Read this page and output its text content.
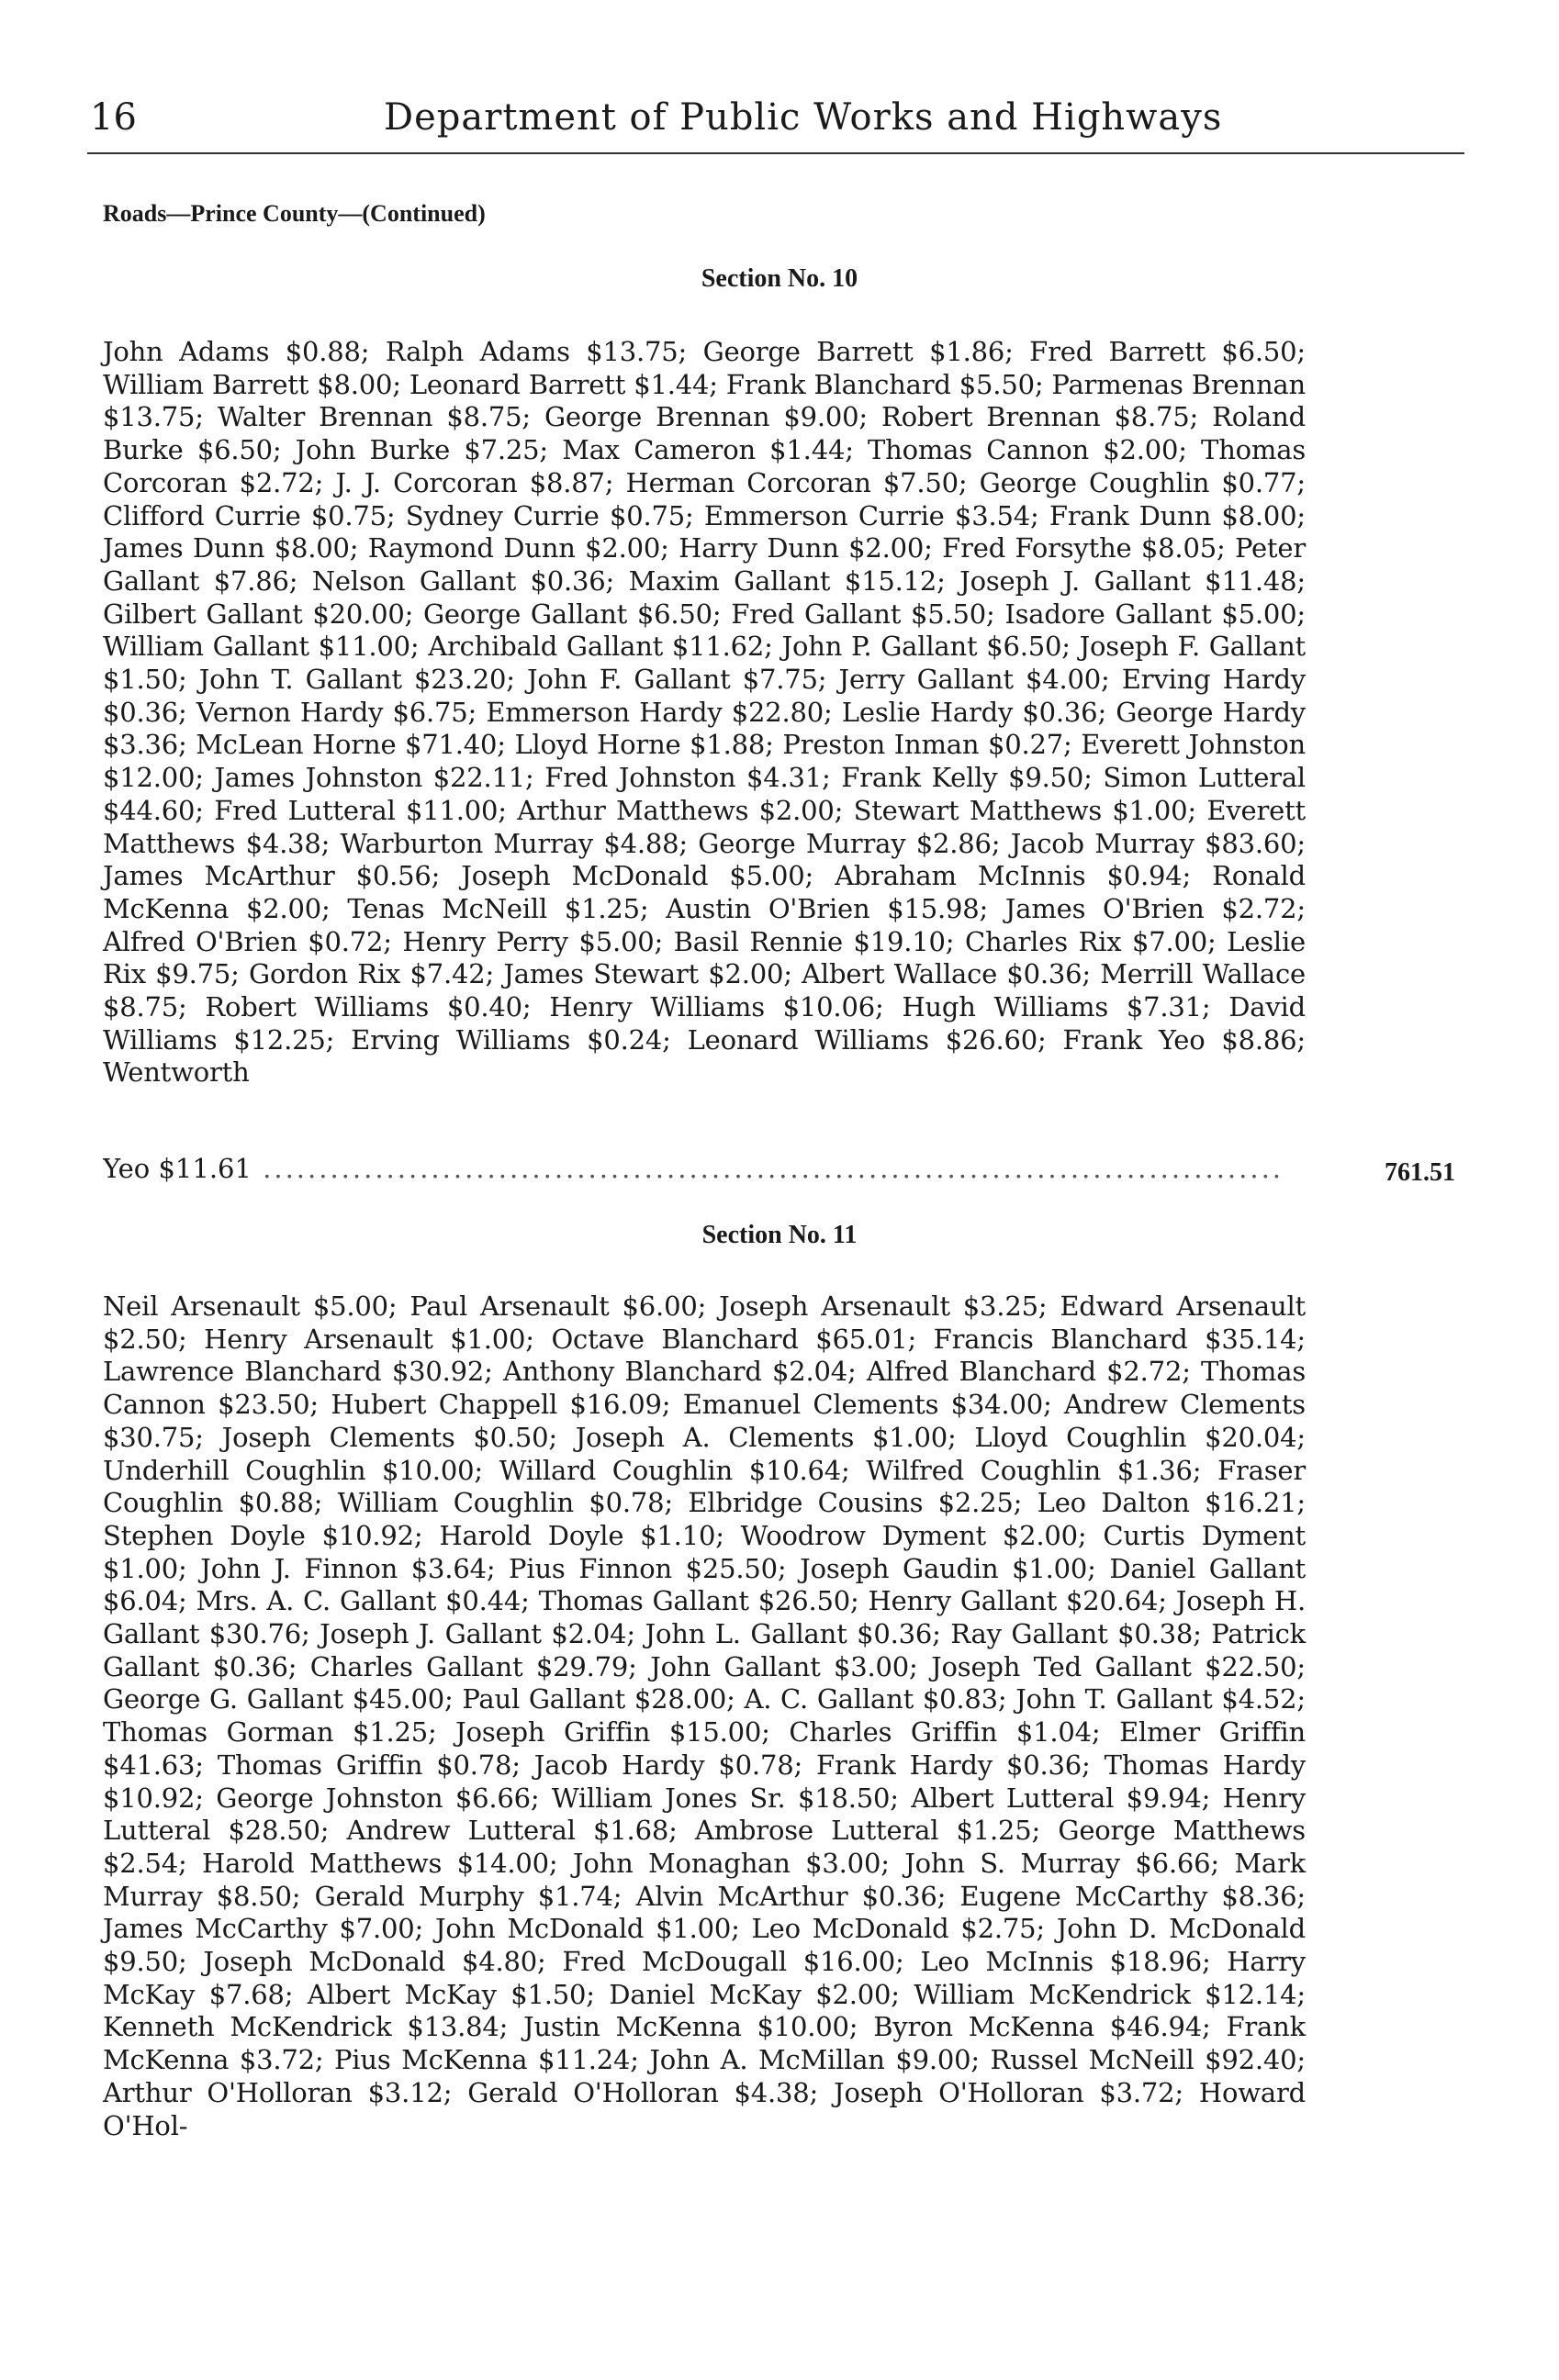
16	Department of Public Works and Highways
Roads—Prince County—(Continued)
Section No. 10
John Adams $0.88; Ralph Adams $13.75; George Barrett $1.86; Fred Barrett $6.50; William Barrett $8.00; Leonard Barrett $1.44; Frank Blanchard $5.50; Parmenas Brennan $13.75; Walter Brennan $8.75; George Brennan $9.00; Robert Brennan $8.75; Roland Burke $6.50; John Burke $7.25; Max Cameron $1.44; Thomas Cannon $2.00; Thomas Corcoran $2.72; J. J. Corcoran $8.87; Herman Corcoran $7.50; George Coughlin $0.77; Clifford Currie $0.75; Sydney Currie $0.75; Emmerson Currie $3.54; Frank Dunn $8.00; James Dunn $8.00; Raymond Dunn $2.00; Harry Dunn $2.00; Fred Forsythe $8.05; Peter Gallant $7.86; Nelson Gallant $0.36; Maxim Gallant $15.12; Joseph J. Gallant $11.48; Gilbert Gallant $20.00; George Gallant $6.50; Fred Gallant $5.50; Isadore Gallant $5.00; William Gallant $11.00; Archibald Gallant $11.62; John P. Gallant $6.50; Joseph F. Gallant $1.50; John T. Gallant $23.20; John F. Gallant $7.75; Jerry Gallant $4.00; Erving Hardy $0.36; Vernon Hardy $6.75; Emmerson Hardy $22.80; Leslie Hardy $0.36; George Hardy $3.36; McLean Horne $71.40; Lloyd Horne $1.88; Preston Inman $0.27; Everett Johnston $12.00; James Johnston $22.11; Fred Johnston $4.31; Frank Kelly $9.50; Simon Lutteral $44.60; Fred Lutteral $11.00; Arthur Matthews $2.00; Stewart Matthews $1.00; Everett Matthews $4.38; Warburton Murray $4.88; George Murray $2.86; Jacob Murray $83.60; James McArthur $0.56; Joseph McDonald $5.00; Abraham McInnis $0.94; Ronald McKenna $2.00; Tenas McNeill $1.25; Austin O'Brien $15.98; James O'Brien $2.72; Alfred O'Brien $0.72; Henry Perry $5.00; Basil Rennie $19.10; Charles Rix $7.00; Leslie Rix $9.75; Gordon Rix $7.42; James Stewart $2.00; Albert Wallace $0.36; Merrill Wallace $8.75; Robert Williams $0.40; Henry Williams $10.06; Hugh Williams $7.31; David Williams $12.25; Erving Williams $0.24; Leonard Williams $26.60; Frank Yeo $8.86; Wentworth
Yeo $11.61 ...........................................................................................	761.51
Section No. 11
Neil Arsenault $5.00; Paul Arsenault $6.00; Joseph Arsenault $3.25; Edward Arsenault $2.50; Henry Arsenault $1.00; Octave Blanchard $65.01; Francis Blanchard $35.14; Lawrence Blanchard $30.92; Anthony Blanchard $2.04; Alfred Blanchard $2.72; Thomas Cannon $23.50; Hubert Chappell $16.09; Emanuel Clements $34.00; Andrew Clements $30.75; Joseph Clements $0.50; Joseph A. Clements $1.00; Lloyd Coughlin $20.04; Underhill Coughlin $10.00; Willard Coughlin $10.64; Wilfred Coughlin $1.36; Fraser Coughlin $0.88; William Coughlin $0.78; Elbridge Cousins $2.25; Leo Dalton $16.21; Stephen Doyle $10.92; Harold Doyle $1.10; Woodrow Dyment $2.00; Curtis Dyment $1.00; John J. Finnon $3.64; Pius Finnon $25.50; Joseph Gaudin $1.00; Daniel Gallant $6.04; Mrs. A. C. Gallant $0.44; Thomas Gallant $26.50; Henry Gallant $20.64; Joseph H. Gallant $30.76; Joseph J. Gallant $2.04; John L. Gallant $0.36; Ray Gallant $0.38; Patrick Gallant $0.36; Charles Gallant $29.79; John Gallant $3.00; Joseph Ted Gallant $22.50; George G. Gallant $45.00; Paul Gallant $28.00; A. C. Gallant $0.83; John T. Gallant $4.52; Thomas Gorman $1.25; Joseph Griffin $15.00; Charles Griffin $1.04; Elmer Griffin $41.63; Thomas Griffin $0.78; Jacob Hardy $0.78; Frank Hardy $0.36; Thomas Hardy $10.92; George Johnston $6.66; William Jones Sr. $18.50; Albert Lutteral $9.94; Henry Lutteral $28.50; Andrew Lutteral $1.68; Ambrose Lutteral $1.25; George Matthews $2.54; Harold Matthews $14.00; John Monaghan $3.00; John S. Murray $6.66; Mark Murray $8.50; Gerald Murphy $1.74; Alvin McArthur $0.36; Eugene McCarthy $8.36; James McCarthy $7.00; John McDonald $1.00; Leo McDonald $2.75; John D. McDonald $9.50; Joseph McDonald $4.80; Fred McDougall $16.00; Leo McInnis $18.96; Harry McKay $7.68; Albert McKay $1.50; Daniel McKay $2.00; William McKendrick $12.14; Kenneth McKendrick $13.84; Justin McKenna $10.00; Byron McKenna $46.94; Frank McKenna $3.72; Pius McKenna $11.24; John A. McMillan $9.00; Russel McNeill $92.40; Arthur O'Holloran $3.12; Gerald O'Holloran $4.38; Joseph O'Holloran $3.72; Howard O'Hol-
